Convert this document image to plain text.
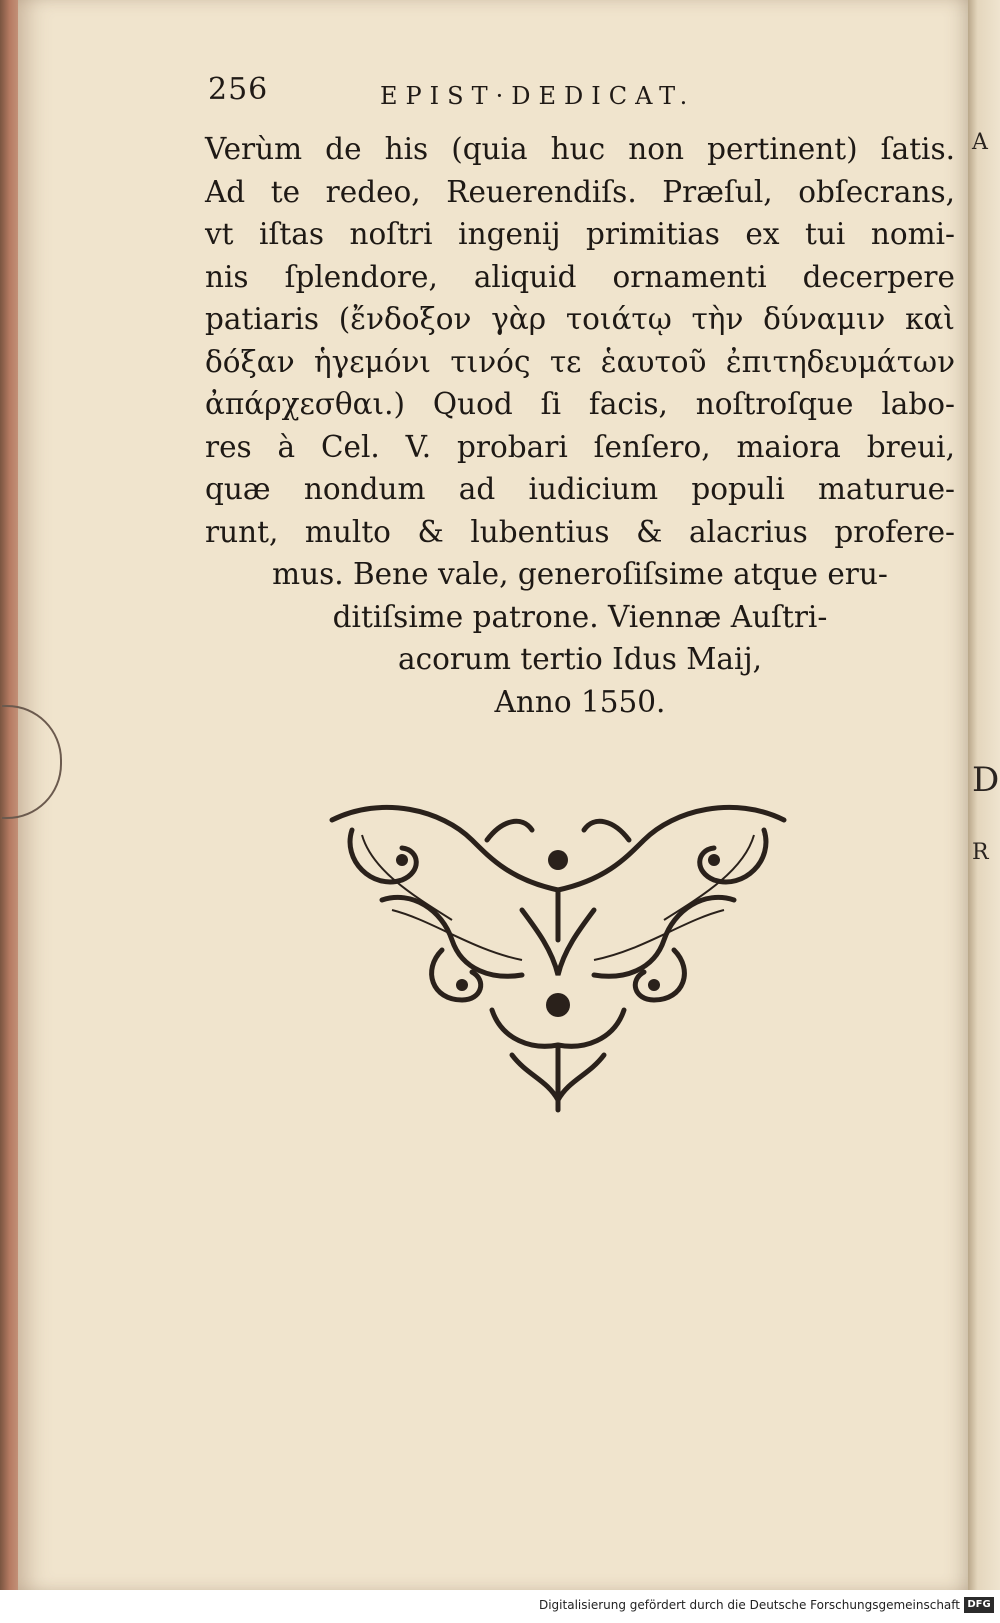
A
D
R
256	EPIST·DEDICAT.
Verùm de his (quia huc non pertinent) ſatis.
Ad te redeo, Reuerendiſs. Præſul, obſecrans,
vt iſtas noſtri ingenij primitias ex tui nomi-
nis ſplendore, aliquid ornamenti decerpere
patiaris (ἔνδοξον γὰρ τοιάτῳ τὴν δύναμιν καὶ
δόξαν ἡγεμόνι τινός τε ἑαυτοῦ ἐπιτηδευμάτων
ἀπάρχεσθαι.) Quod ſi facis, noſtroſque labo-
res à Cel. V. probari ſenſero, maiora breui,
quæ nondum ad iudicium populi maturue-
runt, multo & lubentius & alacrius profere-
mus. Bene vale, generoſiſsime atque eru-
ditiſsime patrone. Viennæ Auſtri-
acorum tertio Idus Maij,
Anno 1550.
Digitalisierung gefördert durch die Deutsche Forschungsgemeinschaft DFG
